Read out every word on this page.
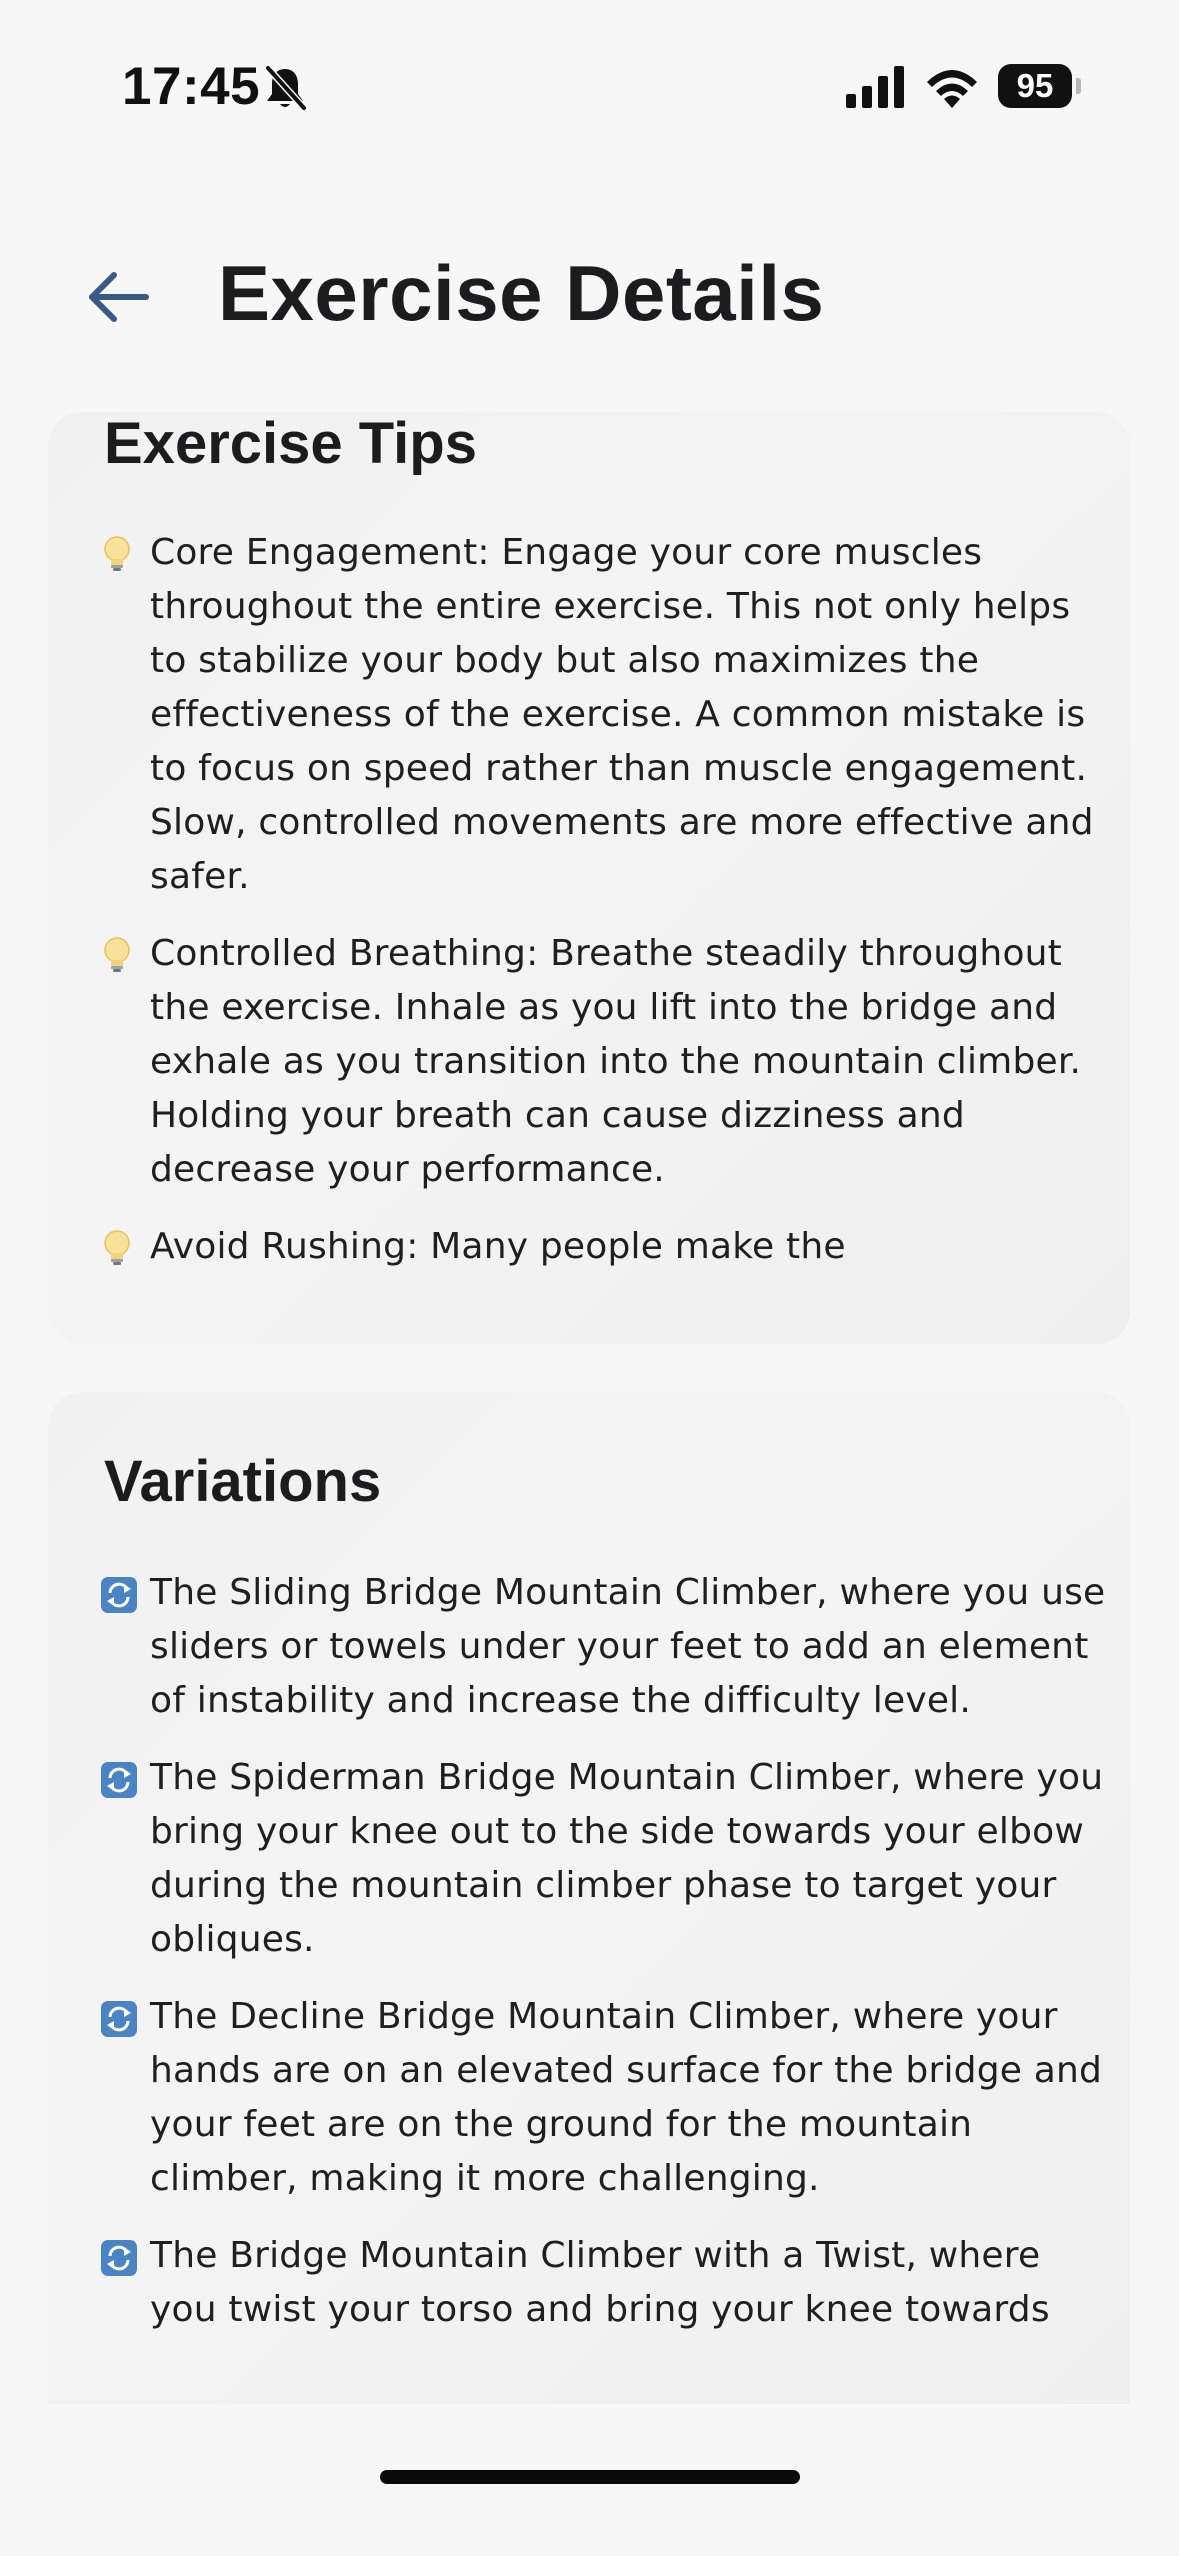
17:45	95
Exercise Details
Exercise Tips
Core Engagement: Engage your core muscles throughout the entire exercise. This not only helps to stabilize your body but also maximizes the effectiveness of the exercise. A common mistake is to focus on speed rather than muscle engagement. Slow, controlled movements are more effective and safer.
Controlled Breathing: Breathe steadily throughout the exercise. Inhale as you lift into the bridge and exhale as you transition into the mountain climber. Holding your breath can cause dizziness and decrease your performance.
Avoid Rushing: Many people make the
Variations
The Sliding Bridge Mountain Climber, where you use sliders or towels under your feet to add an element of instability and increase the difficulty level.
The Spiderman Bridge Mountain Climber, where you bring your knee out to the side towards your elbow during the mountain climber phase to target your obliques.
The Decline Bridge Mountain Climber, where your hands are on an elevated surface for the bridge and your feet are on the ground for the mountain climber, making it more challenging.
The Bridge Mountain Climber with a Twist, where you twist your torso and bring your knee towards
